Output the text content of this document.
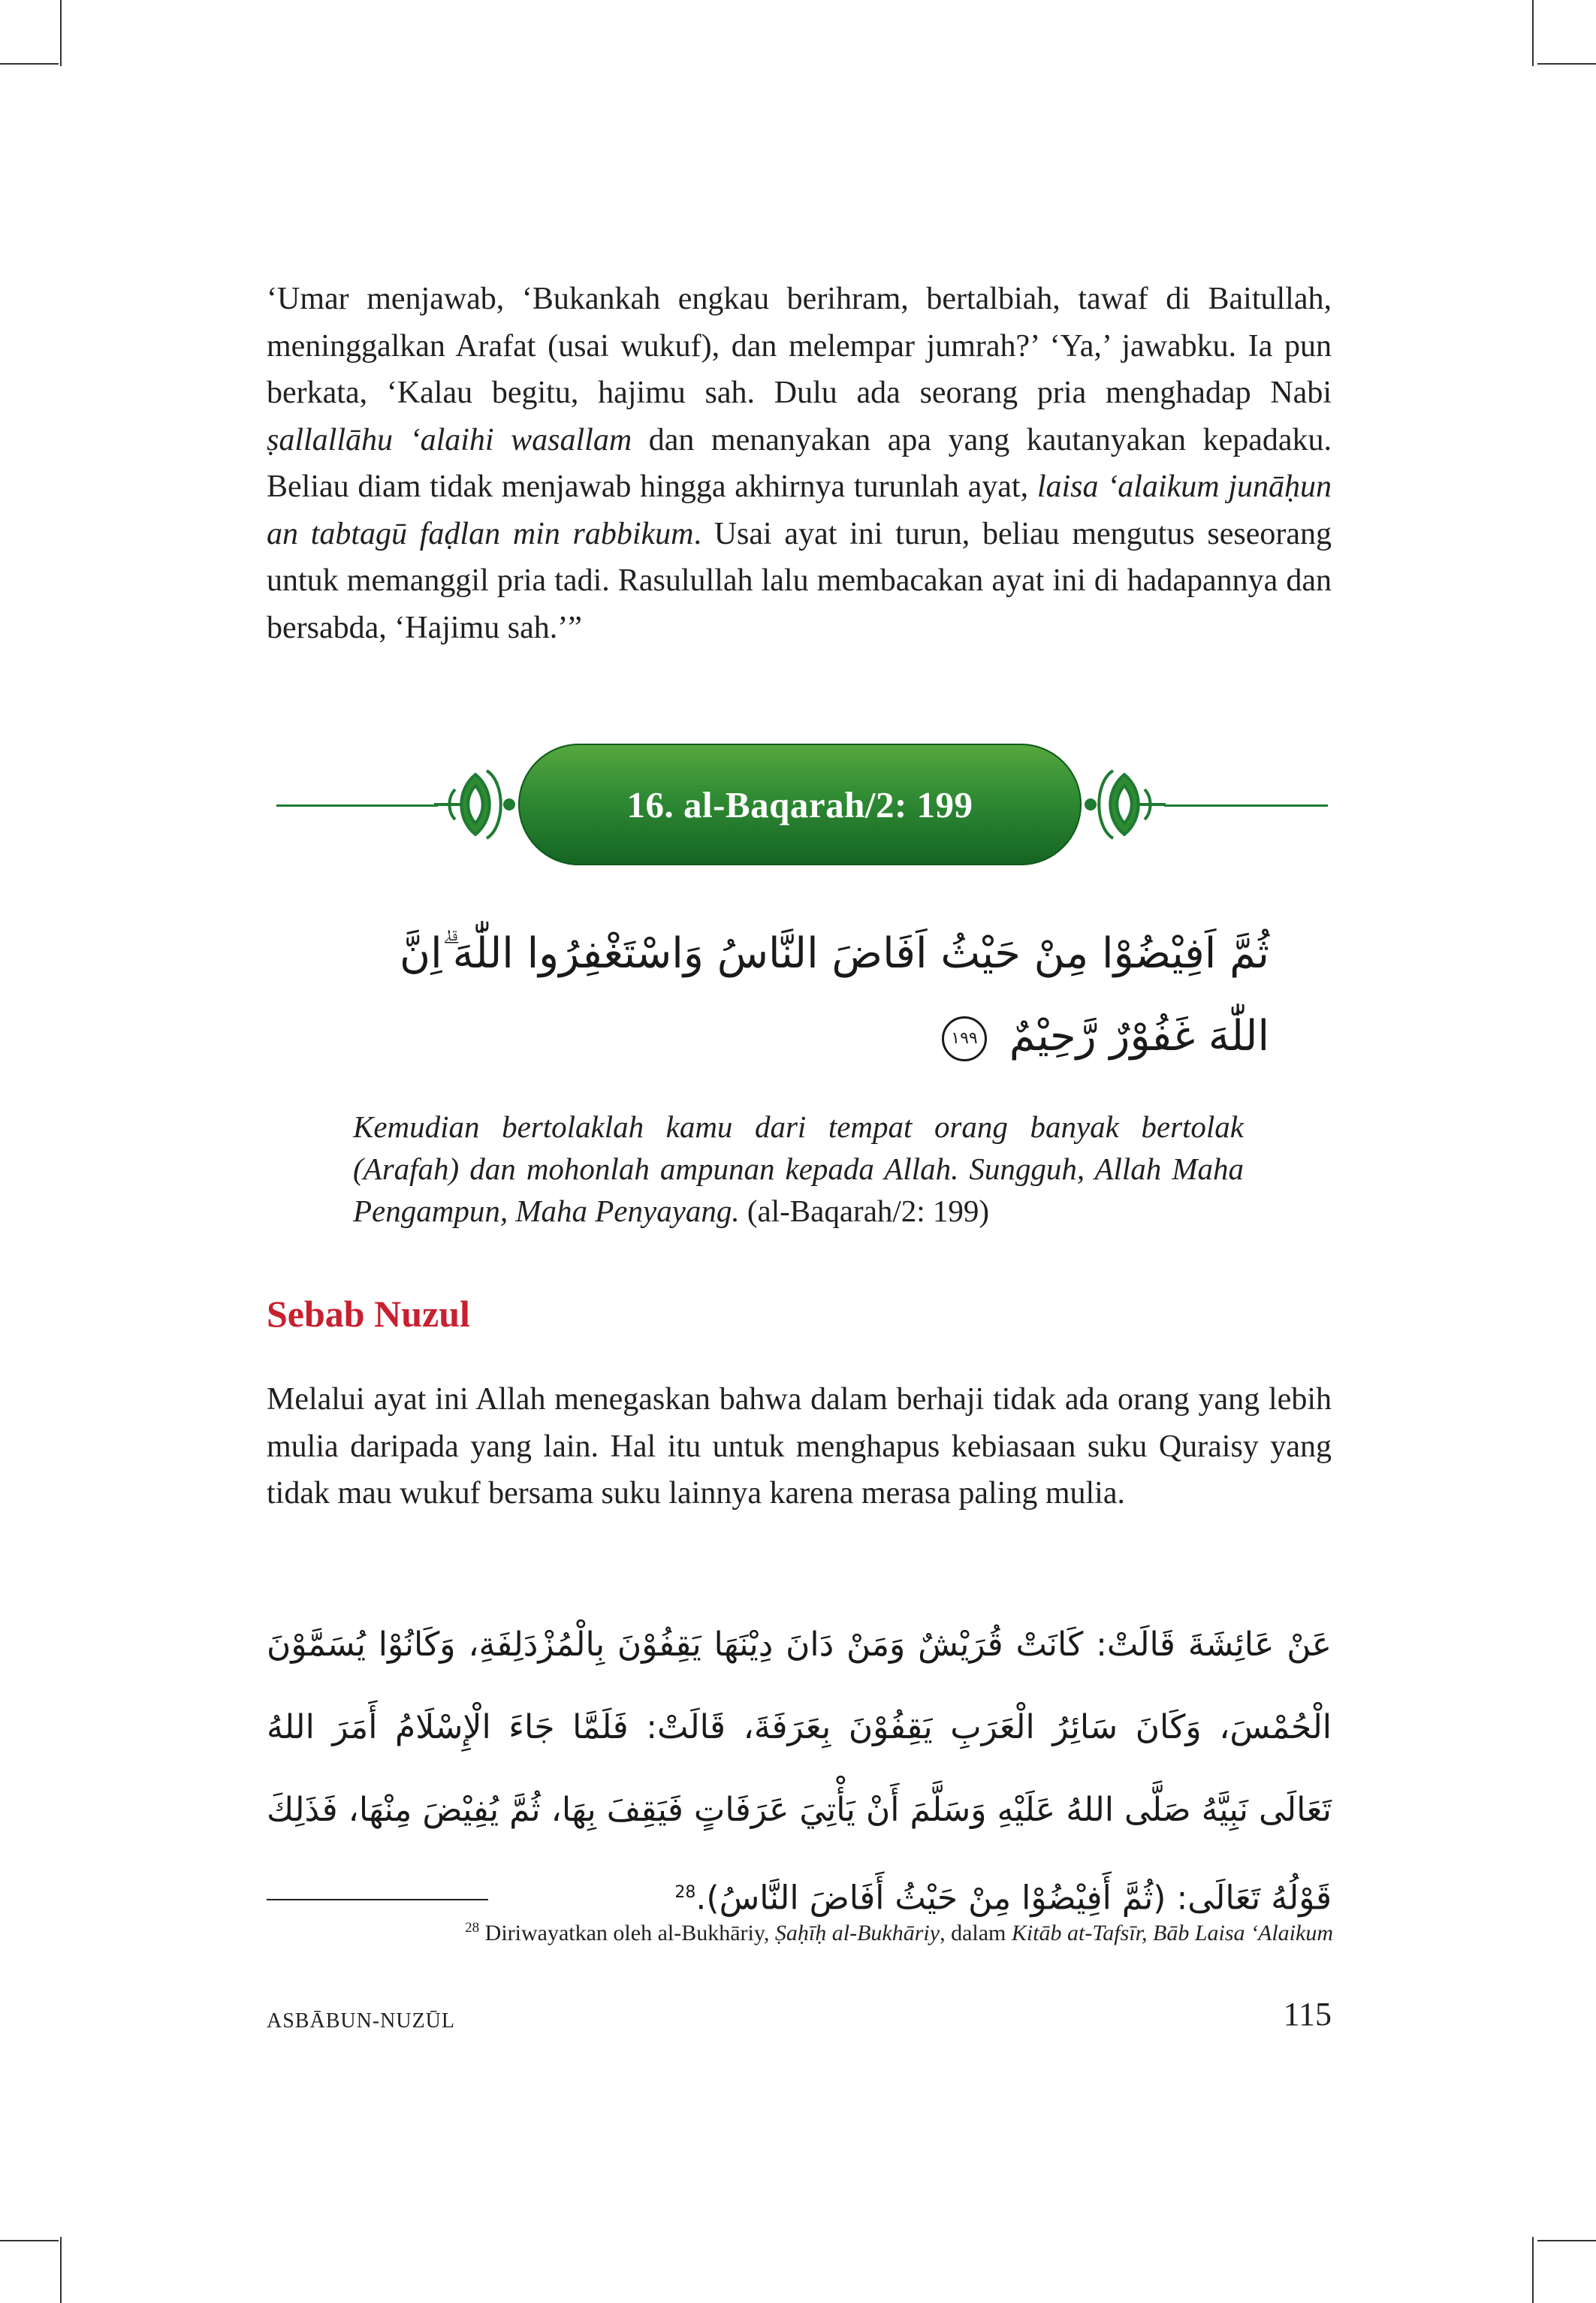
‘Umar menjawab, ‘Bukankah engkau berihram, bertalbiah, tawaf di Baitullah, meninggalkan Arafat (usai wukuf), dan melempar jumrah?’ ‘Ya,’ jawabku. Ia pun berkata, ‘Kalau begitu, hajimu sah. Dulu ada seorang pria menghadap Nabi ṣallallāhu ‘alaihi wasallam dan menanyakan apa yang kautanyakan kepadaku. Beliau diam tidak menjawab hingga akhirnya turunlah ayat, laisa ‘alaikum junāḥun an tabtagū faḍlan min rabbikum. Usai ayat ini turun, beliau mengutus seseorang untuk memanggil pria tadi. Rasulullah lalu membacakan ayat ini di hadapannya dan bersabda, ‘Hajimu sah.’”

16. al-Baqarah/2: 199
ثُمَّ اَفِيْضُوْا مِنْ حَيْثُ اَفَاضَ النَّاسُ وَاسْتَغْفِرُوا اللّٰهَ ۗاِنَّ
اللّٰهَ غَفُوْرٌ رَّحِيْمٌ ١٩٩

Kemudian bertolaklah kamu dari tempat orang banyak bertolak (Arafah) dan mohonlah ampunan kepada Allah. Sungguh, Allah Maha Pengampun, Maha Penyayang. (al-Baqarah/2: 199)

Sebab Nuzul

Melalui ayat ini Allah menegaskan bahwa dalam berhaji tidak ada orang yang lebih mulia daripada yang lain. Hal itu untuk menghapus kebiasaan suku Quraisy yang tidak mau wukuf bersama suku lainnya karena merasa paling mulia.

عَنْ عَائِشَةَ قَالَتْ: كَانَتْ قُرَيْشٌ وَمَنْ دَانَ دِيْنَهَا يَقِفُوْنَ بِالْمُزْدَلِفَةِ، وَكَانُوْا يُسَمَّوْنَ الْحُمْسَ، وَكَانَ سَائِرُ الْعَرَبِ يَقِفُوْنَ بِعَرَفَةَ، قَالَتْ: فَلَمَّا جَاءَ الْإِسْلَامُ أَمَرَ اللهُ تَعَالَى نَبِيَّهُ صَلَّى اللهُ عَلَيْهِ وَسَلَّمَ أَنْ يَأْتِيَ عَرَفَاتٍ فَيَقِفَ بِهَا، ثُمَّ يُفِيْضَ مِنْهَا، فَذَلِكَ قَوْلُهُ تَعَالَى: (ثُمَّ أَفِيْضُوْا مِنْ حَيْثُ أَفَاضَ النَّاسُ).$^{28}$

$^{28}$ Diriwayatkan oleh al-Bukhāriy, Ṣaḥīḥ al-Bukhāriy, dalam Kitāb at-Tafsīr, Bāb Laisa ‘Alaikum

ASBĀBUN-NUZŪL	115
